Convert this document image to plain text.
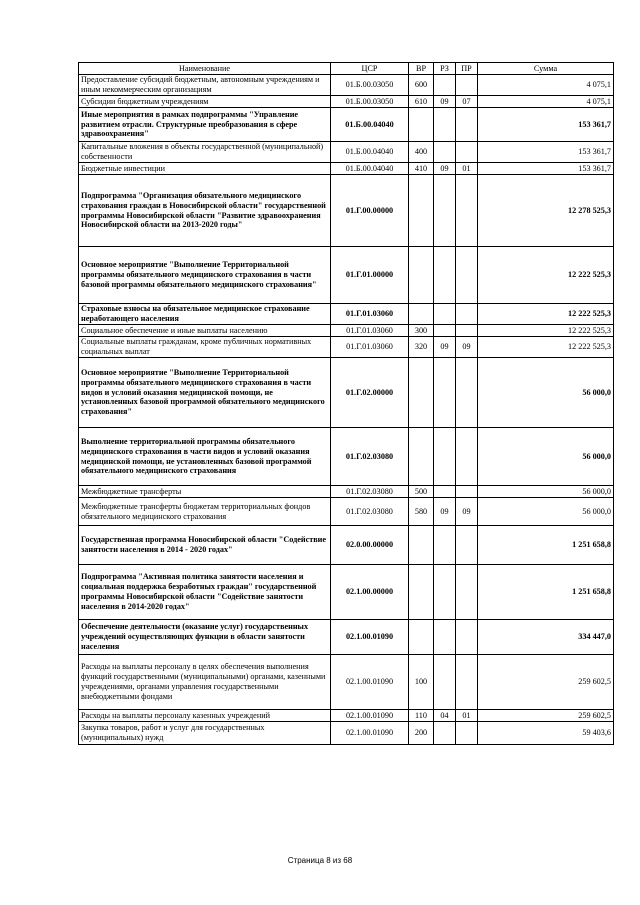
Наименование	ЦСР	ВР	РЗ	ПР	Сумма
Предоставление субсидий бюджетным, автономным учреждениям и иным некоммерческим организациям	01.Б.00.03050	600			4 075,1
Субсидии бюджетным учреждениям	01.Б.00.03050	610	09	07	4 075,1
Иные мероприятия в рамках подпрограммы "Управление развитием отрасли. Структурные преобразования в сфере здравоохранения"	01.Б.00.04040				153 361,7
Капитальные вложения в объекты государственной (муниципальной) собственности	01.Б.00.04040	400			153 361,7
Бюджетные инвестиции	01.Б.00.04040	410	09	01	153 361,7
Подпрограмма "Организация обязательного медицинского страхования граждан в Новосибирской области" государственной программы Новосибирской области "Развитие здравоохранения Новосибирской области на 2013-2020 годы"	01.Г.00.00000				12 278 525,3
Основное мероприятие "Выполнение Территориальной программы обязательного медицинского страхования в части базовой программы обязательного медицинского страхования"	01.Г.01.00000				12 222 525,3
Страховые взносы на обязательное медицинское страхование неработающего населения	01.Г.01.03060				12 222 525,3
Социальное обеспечение и иные выплаты населению	01.Г.01.03060	300			12 222 525,3
Социальные выплаты гражданам, кроме публичных нормативных социальных выплат	01.Г.01.03060	320	09	09	12 222 525,3
Основное мероприятие "Выполнение Территориальной программы обязательного медицинского страхования в части видов и условий оказания медицинской помощи, не установленных базовой программой обязательного медицинского страхования"	01.Г.02.00000				56 000,0
Выполнение территориальной программы обязательного медицинского страхования в части видов и условий оказания медицинской помощи, не установленных базовой программой обязательного медицинского страхования	01.Г.02.03080				56 000,0
Межбюджетные трансферты	01.Г.02.03080	500			56 000,0
Межбюджетные трансферты бюджетам территориальных фондов обязательного медицинского страхования	01.Г.02.03080	580	09	09	56 000,0
Государственная программа Новосибирской области "Содействие занятости населения в 2014 - 2020 годах"	02.0.00.00000				1 251 658,8
Подпрограмма "Активная политика занятости населения и социальная поддержка безработных граждан" государственной программы Новосибирской области "Содействие занятости населения в 2014-2020 годах"	02.1.00.00000				1 251 658,8
Обеспечение деятельности (оказание услуг) государственных учреждений осуществляющих функции в области занятости населения	02.1.00.01090				334 447,0
Расходы на выплаты персоналу в целях обеспечения выполнения функций государственными (муниципальными) органами, казенными учреждениями, органами управления государственными внебюджетными фондами	02.1.00.01090	100			259 602,5
Расходы на выплаты персоналу казенных учреждений	02.1.00.01090	110	04	01	259 602,5
Закупка товаров, работ и услуг для государственных (муниципальных) нужд	02.1.00.01090	200			59 403,6
Страница 8 из 68
